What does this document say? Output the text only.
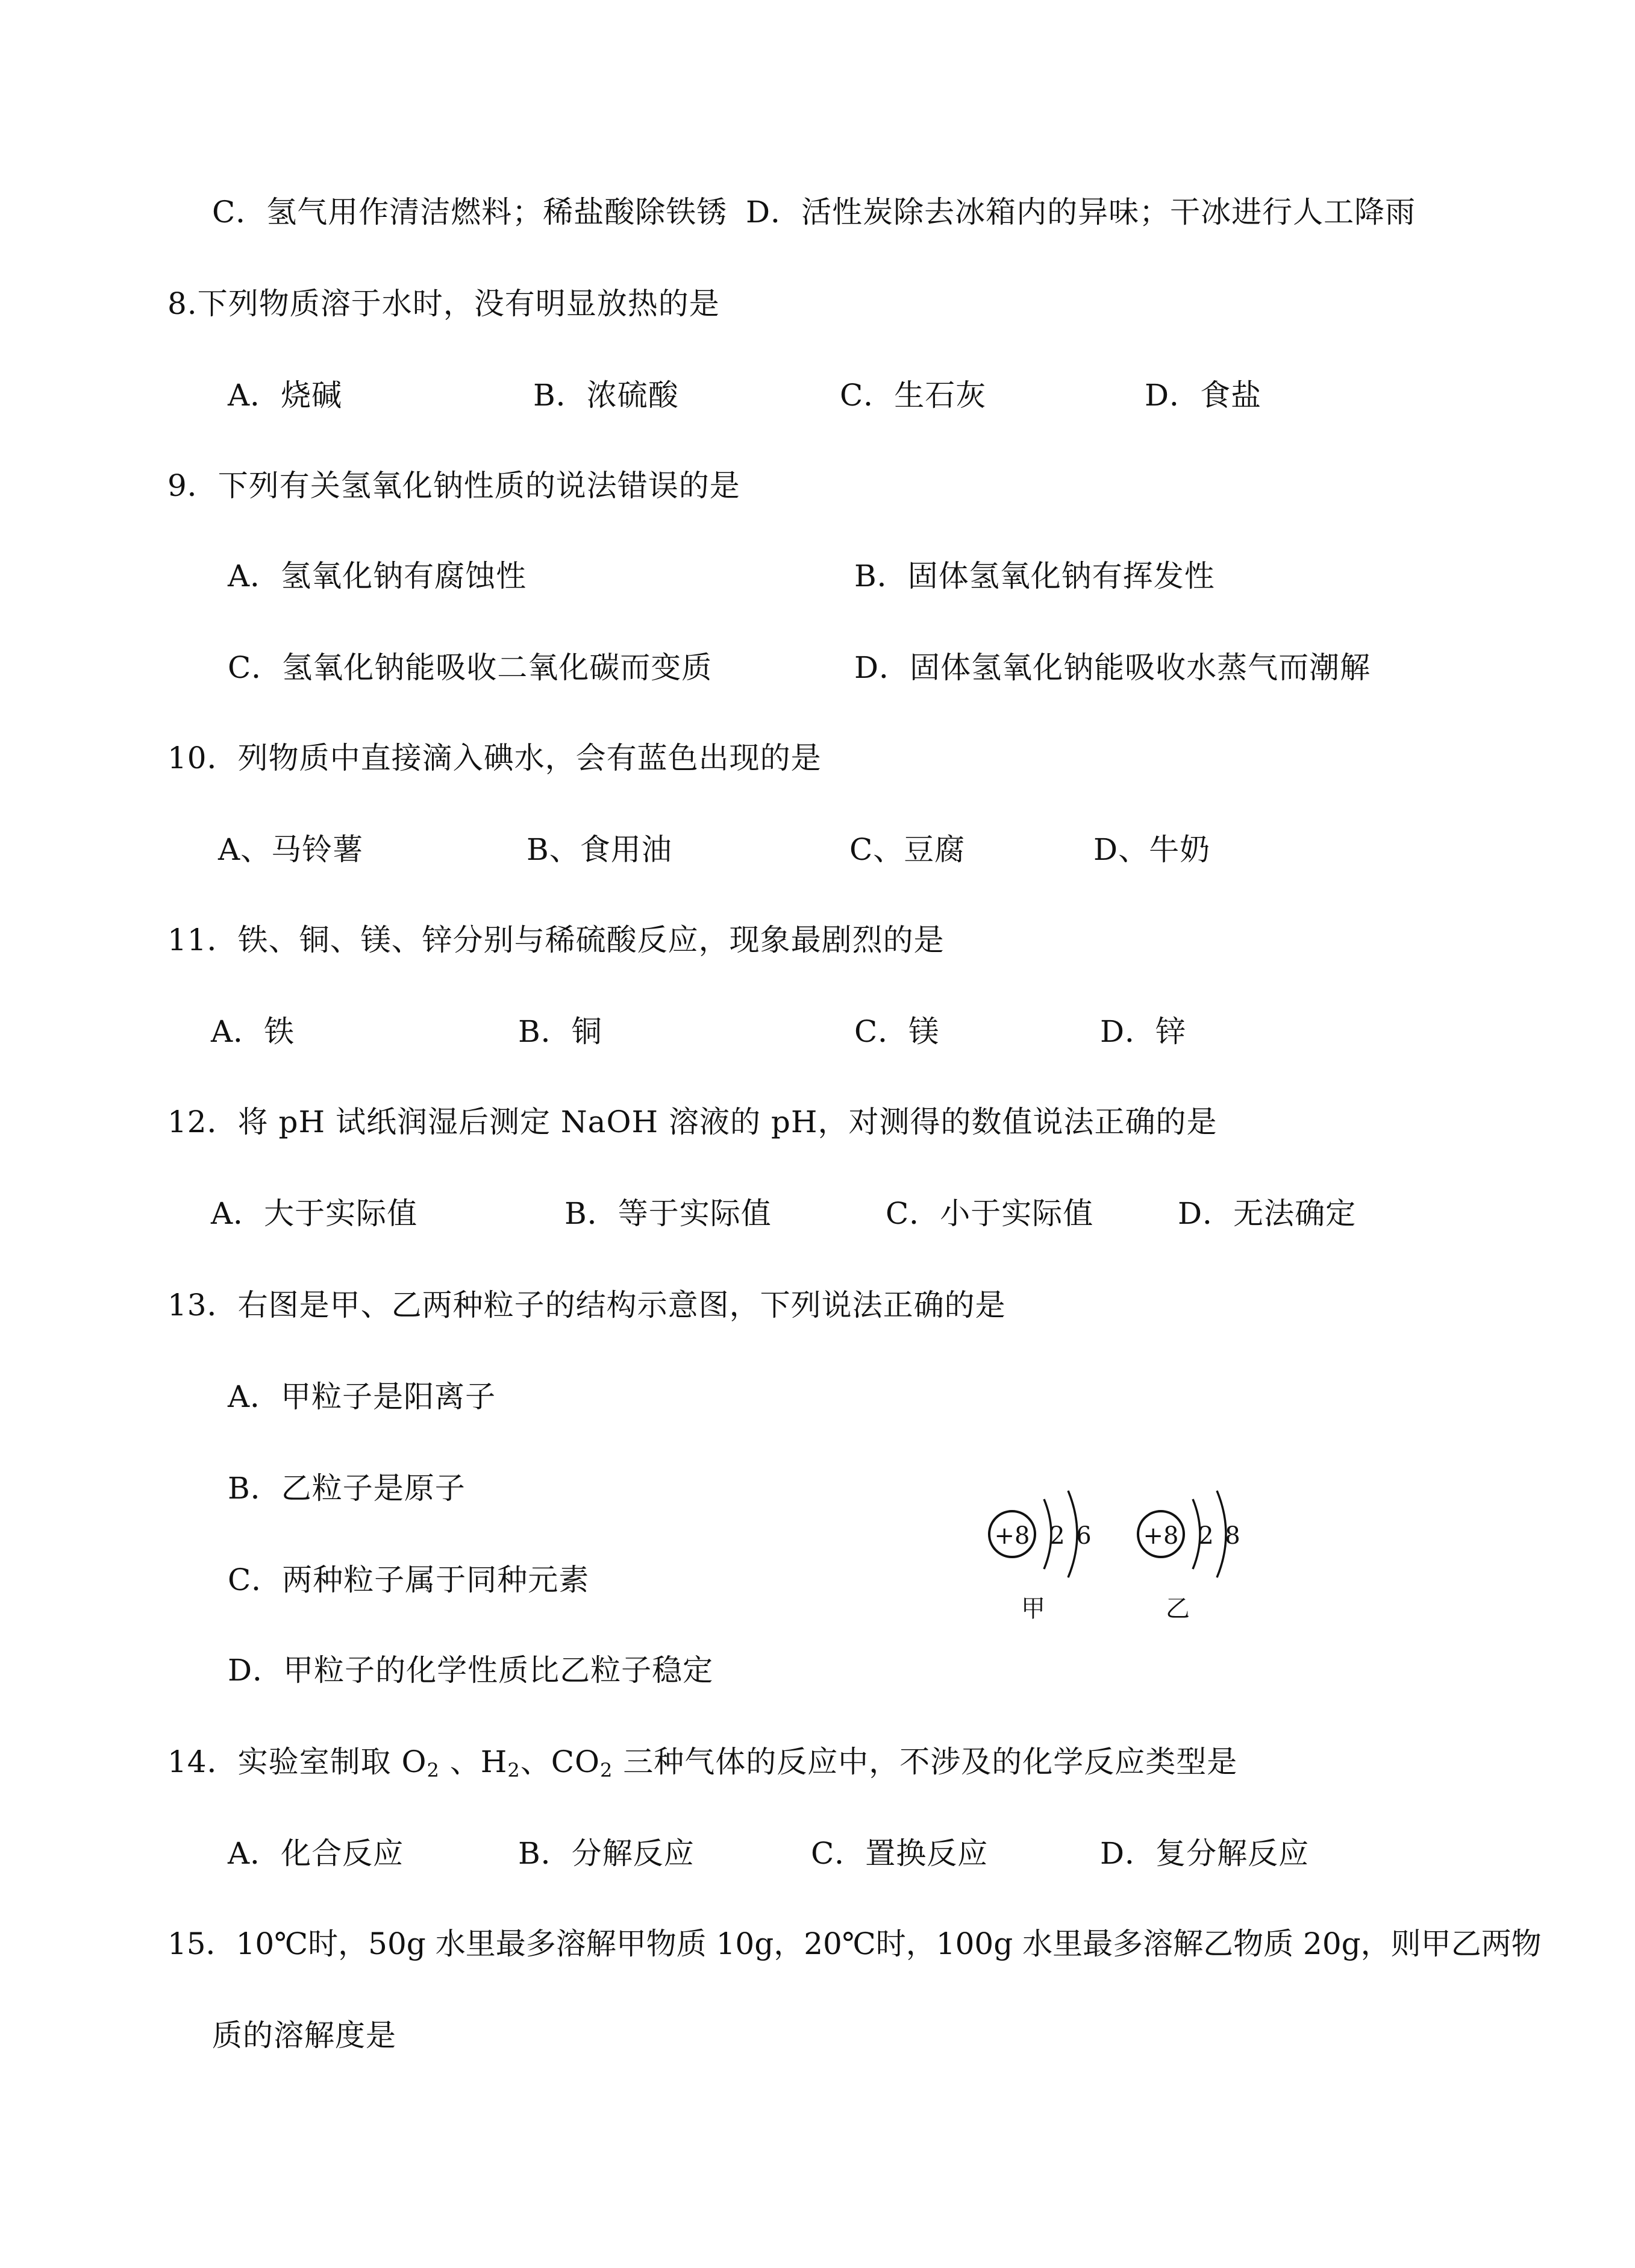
C．氢气用作清洁燃料；稀盐酸除铁锈 D．活性炭除去冰箱内的异味；干冰进行人工降雨
8.下列物质溶于水时，没有明显放热的是
A．烧碱	B．浓硫酸	C．生石灰	D．食盐
9．下列有关氢氧化钠性质的说法错误的是
A．氢氧化钠有腐蚀性	B．固体氢氧化钠有挥发性
C．氢氧化钠能吸收二氧化碳而变质	D．固体氢氧化钠能吸收水蒸气而潮解
10．列物质中直接滴入碘水，会有蓝色出现的是
A、马铃薯	B、食用油	C、豆腐	D、牛奶
11．铁、铜、镁、锌分别与稀硫酸反应，现象最剧烈的是
A．铁	B．铜	C．镁	D．锌
12．将 pH 试纸润湿后测定 NaOH 溶液的 pH，对测得的数值说法正确的是
A．大于实际值	B．等于实际值	C．小于实际值	D．无法确定
13．右图是甲、乙两种粒子的结构示意图，下列说法正确的是
A．甲粒子是阳离子
B．乙粒子是原子
C．两种粒子属于同种元素
D．甲粒子的化学性质比乙粒子稳定
+8 2 6
甲
+8 2 8
乙
14．实验室制取 $O_2$ 、$H_2$、$CO_2$ 三种气体的反应中，不涉及的化学反应类型是
A．化合反应	B．分解反应	C．置换反应	D．复分解反应
15．10℃时，50g 水里最多溶解甲物质 10g，20℃时，100g 水里最多溶解乙物质 20g，则甲乙两物
质的溶解度是
